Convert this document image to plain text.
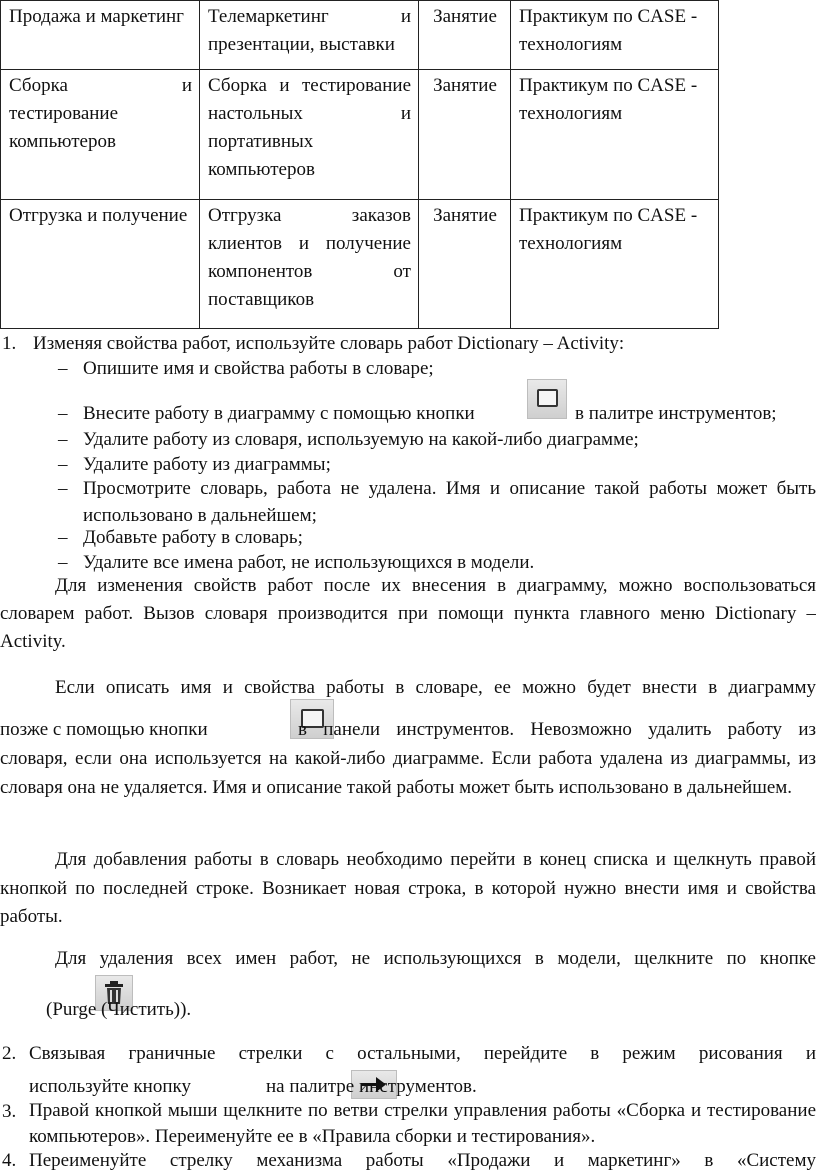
Продажа и маркетинг	Телемаркетинг и презентации, выставки	Занятие	Практикум по CASE - технологиям
Сборка и тестирование компьютеров	Сборка и тестирование настольных и портативных компьютеров	Занятие	Практикум по CASE - технологиям
Отгрузка и получение	Отгрузка заказов клиентов и получение компонентов от поставщиков	Занятие	Практикум по CASE - технологиям
1. Изменяя свойства работ, используйте словарь работ Dictionary – Activity:
– Опишите имя и свойства работы в словаре;
– Внесите работу в диаграмму с помощью кнопки
	в палитре инструментов;
– Удалите работу из словаря, используемую на какой-либо диаграмме;
– Удалите работу из диаграммы;
– Просмотрите словарь, работа не удалена. Имя и описание такой работы может быть использовано в дальнейшем;
– Добавьте работу в словарь;
– Удалите все имена работ, не использующихся в модели.
Для изменения свойств работ после их внесения в диаграмму, можно воспользоваться словарем работ. Вызов словаря производится при помощи пункта главного меню Dictionary – Activity.
Если описать имя и свойства работы в словаре, ее можно будет внести в диаграмму
позже с помощью кнопки
	в панели инструментов. Невозможно удалить работу из
словаря, если она используется на какой-либо диаграмме. Если работа удалена из диаграммы, из словаря она не удаляется. Имя и описание такой работы может быть использовано в дальнейшем.
Для добавления работы в словарь необходимо перейти в конец списка и щелкнуть правой кнопкой по последней строке. Возникает новая строка, в которой нужно внести имя и свойства работы.
Для удаления всех имен работ, не использующихся в модели, щелкните по кнопке

(Purge (Чистить)).
2. Связывая граничные стрелки с остальными, перейдите в режим рисования и
используйте кнопку	на палитре инструментов.
3. Правой кнопкой мыши щелкните по ветви стрелки управления работы «Сборка и тестирование компьютеров». Переименуйте ее в «Правила сборки и тестирования».
4. Переименуйте стрелку механизма работы «Продажи и маркетинг» в «Систему
